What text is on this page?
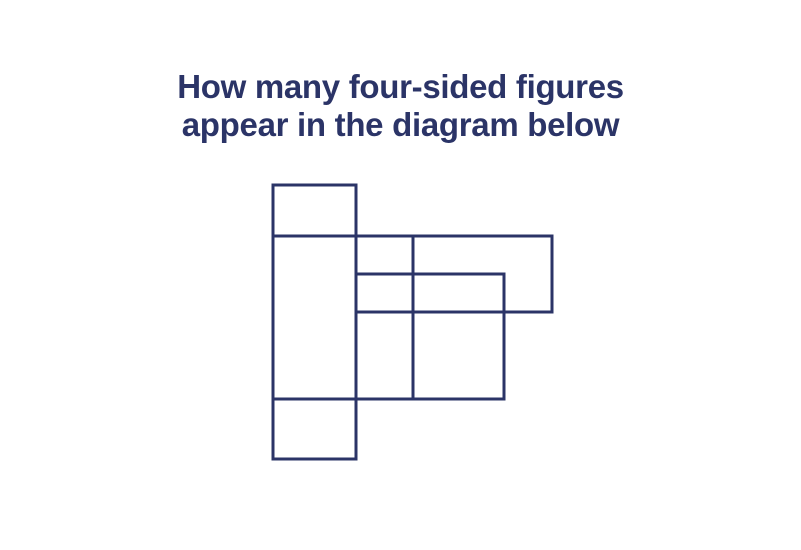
How many four-sided figures
appear in the diagram below
